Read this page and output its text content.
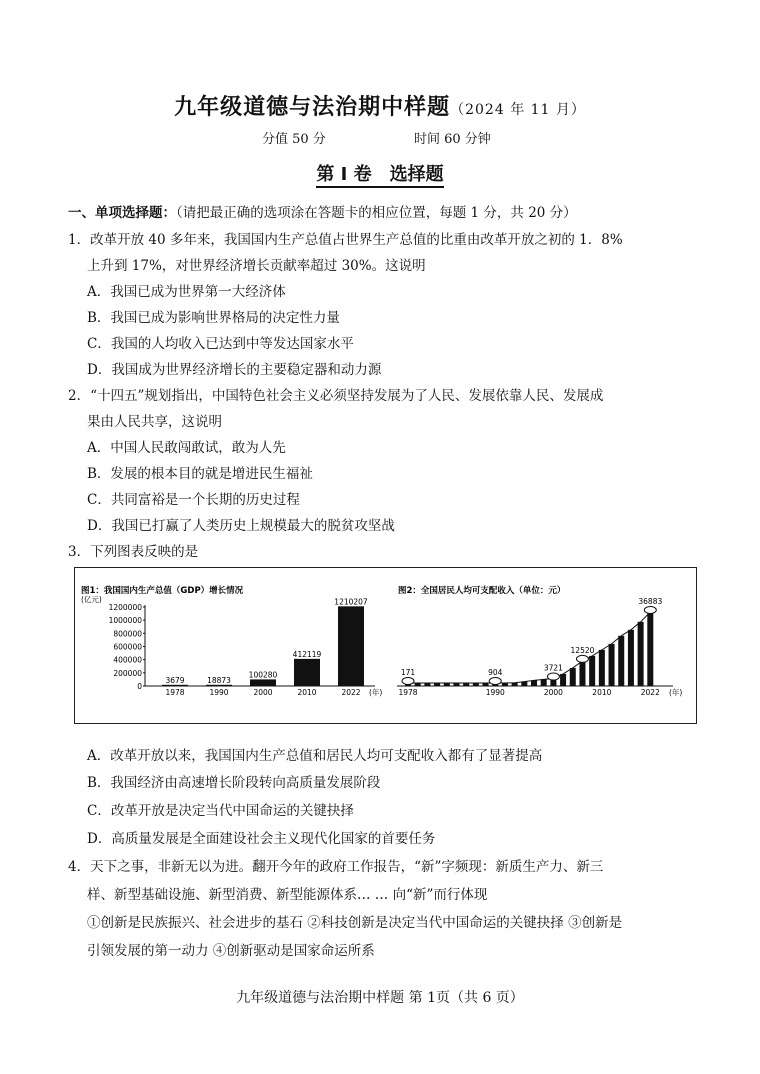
九年级道德与法治期中样题（2024 年 11 月）
分值 50 分	时间 60 分钟
第 I 卷　选择题
一、单项选择题：（请把最正确的选项涂在答题卡的相应位置，每题 1 分，共 20 分）
1．改革开放 40 多年来，我国国内生产总值占世界生产总值的比重由改革开放之初的 1．8%
上升到 17%，对世界经济增长贡献率超过 30%。这说明
A．我国已成为世界第一大经济体
B．我国已成为影响世界格局的决定性力量
C．我国的人均收入已达到中等发达国家水平
D．我国成为世界经济增长的主要稳定器和动力源
2．“十四五”规划指出，中国特色社会主义必须坚持发展为了人民、发展依靠人民、发展成
果由人民共享，这说明
A．中国人民敢闯敢试，敢为人先
B．发展的根本目的就是增进民生福祉
C．共同富裕是一个长期的历史过程
D．我国已打赢了人类历史上规模最大的脱贫攻坚战
3．下列图表反映的是
图1：我国国内生产总值（GDP）增长情况
(亿元)
1200000
1000000
800000
600000
400000
200000
0
3679
1978
18873
1990
100280
2000
412119
2010
1210207
2022 (年)
图2：全国居民人均可支配收入（单位：元）
171	904	3721
12520
36883
1978	1990	2000	2010	2022 (年)
A．改革开放以来，我国国内生产总值和居民人均可支配收入都有了显著提高
B．我国经济由高速增长阶段转向高质量发展阶段
C．改革开放是决定当代中国命运的关键抉择
D．高质量发展是全面建设社会主义现代化国家的首要任务
4．天下之事，非新无以为进。翻开今年的政府工作报告，“新”字频现：新质生产力、新三
样、新型基础设施、新型消费、新型能源体系… … 向“新”而行体现
①创新是民族振兴、社会进步的基石 ②科技创新是决定当代中国命运的关键抉择 ③创新是
引领发展的第一动力 ④创新驱动是国家命运所系
九年级道德与法治期中样题 第 1页（共 6 页）
